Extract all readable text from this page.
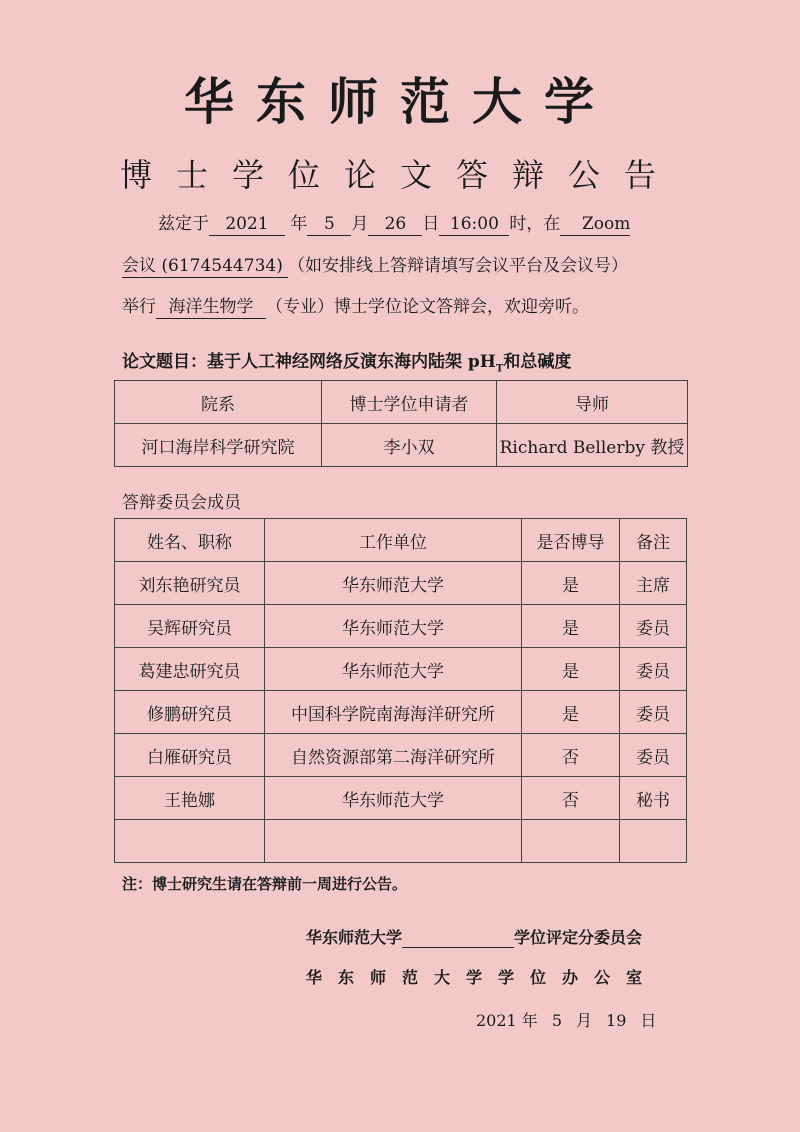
华东师范大学
博士学位论文答辩公告
兹定于 2021 年 5 月 26 日 16:00 时，在 Zoom
会议 (6174544734) （如安排线上答辩请填写会议平台及会议号）
举行 海洋生物学 （专业）博士学位论文答辩会，欢迎旁听。
论文题目：基于人工神经网络反演东海内陆架 $pH_T$和总碱度
院系	博士学位申请者	导师
河口海岸科学研究院	李小双	Richard Bellerby 教授
答辩委员会成员
姓名、职称	工作单位	是否博导	备注
刘东艳研究员	华东师范大学	是	主席
吴辉研究员	华东师范大学	是	委员
葛建忠研究员	华东师范大学	是	委员
修鹏研究员	中国科学院南海海洋研究所	是	委员
白雁研究员	自然资源部第二海洋研究所	否	委员
王艳娜	华东师范大学	否	秘书

注：博士研究生请在答辩前一周进行公告。
华东师范大学	学位评定分委员会
华东师范大学学位办公室
2021 年 5 月 19 日
